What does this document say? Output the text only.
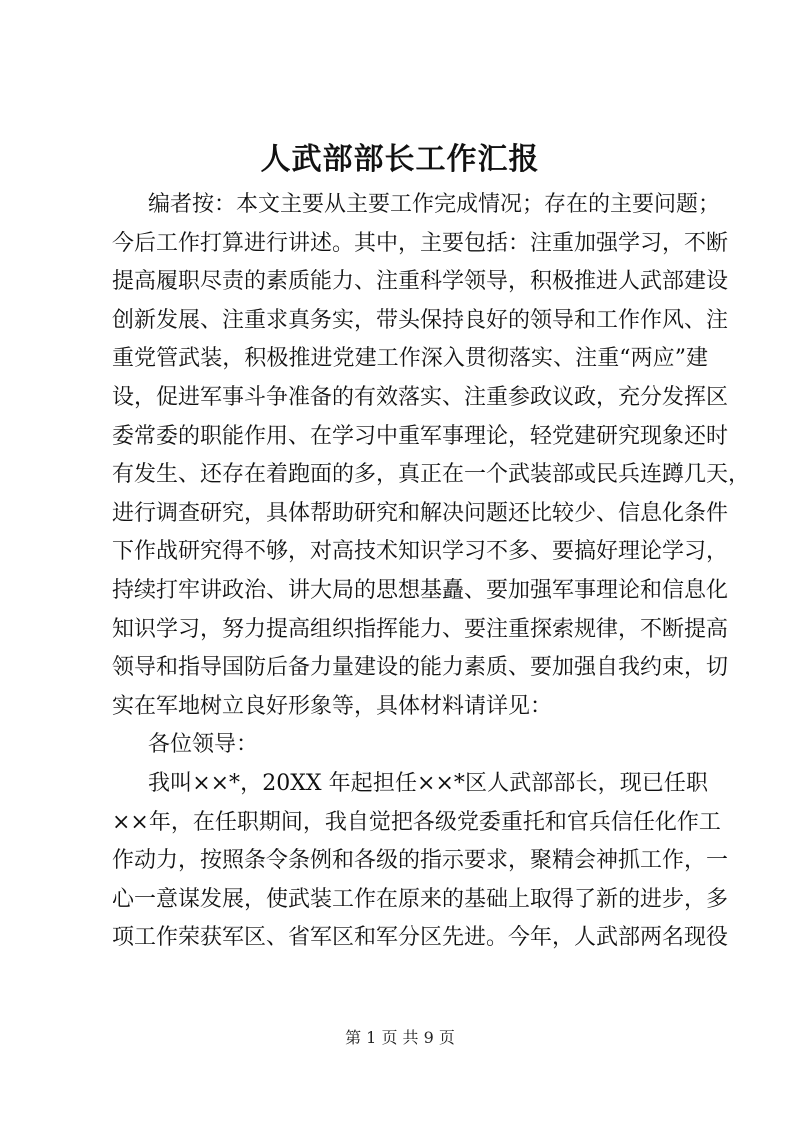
人武部部长工作汇报
编者按：本文主要从主要工作完成情况；存在的主要问题；
今后工作打算进行讲述。其中，主要包括：注重加强学习，不断
提高履职尽责的素质能力、注重科学领导，积极推进人武部建设
创新发展、注重求真务实，带头保持良好的领导和工作作风、注
重党管武装，积极推进党建工作深入贯彻落实、注重“两应”建
设，促进军事斗争准备的有效落实、注重参政议政，充分发挥区
委常委的职能作用、在学习中重军事理论，轻党建研究现象还时
有发生、还存在着跑面的多，真正在一个武装部或民兵连蹲几天，
进行调查研究，具体帮助研究和解决问题还比较少、信息化条件
下作战研究得不够，对高技术知识学习不多、要搞好理论学习，
持续打牢讲政治、讲大局的思想基矗、要加强军事理论和信息化
知识学习，努力提高组织指挥能力、要注重探索规律，不断提高
领导和指导国防后备力量建设的能力素质、要加强自我约束，切
实在军地树立良好形象等，具体材料请详见：
各位领导：
我叫××*，20XX 年起担任××*区人武部部长，现已任职
××年，在任职期间，我自觉把各级党委重托和官兵信任化作工
作动力，按照条令条例和各级的指示要求，聚精会神抓工作，一
心一意谋发展，使武装工作在原来的基础上取得了新的进步，多
项工作荣获军区、省军区和军分区先进。今年，人武部两名现役
第 1 页 共 9 页
